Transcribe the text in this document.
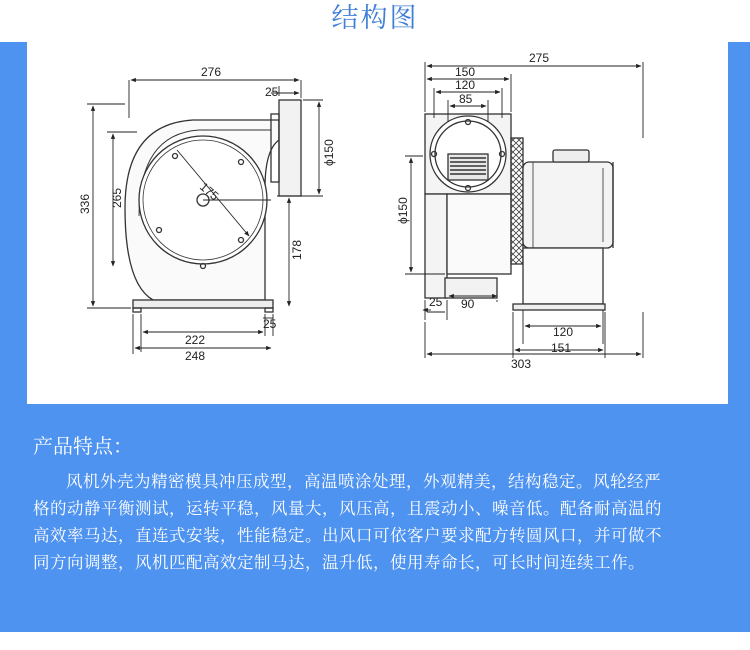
结构图
276
25
ϕ150
336 265	175
178
25
222
248
275
150
120
85
ϕ150
25 90
120
151
303
产品特点：
风机外壳为精密模具冲压成型，高温喷涂处理，外观精美，结构稳定。风轮经严格的动静平衡测试，运转平稳，风量大，风压高，且震动小、噪音低。配备耐高温的高效率马达，直连式安装，性能稳定。出风口可依客户要求配方转圆风口，并可做不同方向调整，风机匹配高效定制马达，温升低，使用寿命长，可长时间连续工作。
